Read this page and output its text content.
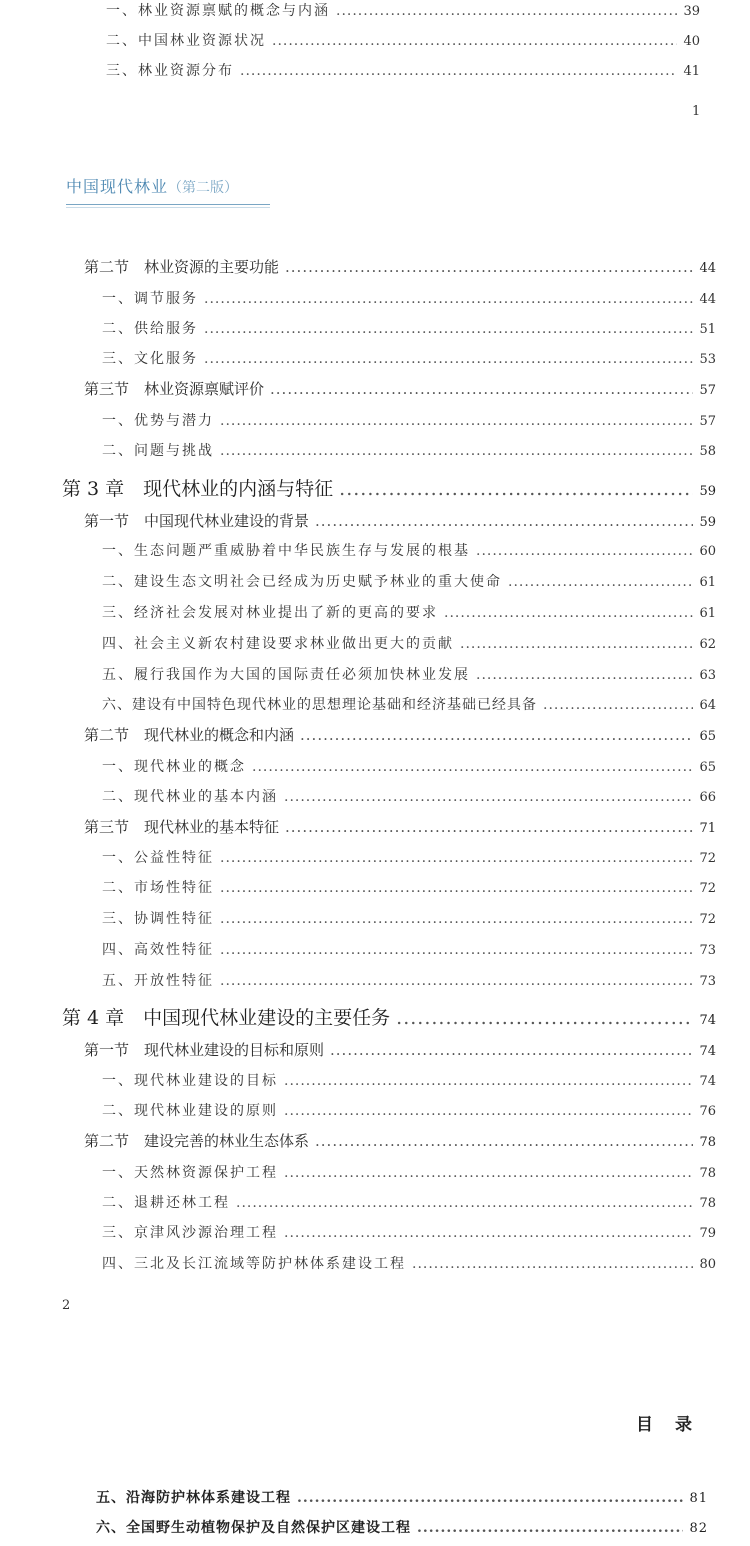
一、林业资源禀赋的概念与内涵 .....	39
二、中国林业资源状况 .....	40
三、林业资源分布 .....	41
1
中国现代林业（第二版）
第二节　林业资源的主要功能 .....	44
一、调节服务 .....	44
二、供给服务 .....	51
三、文化服务 .....	53
第三节　林业资源禀赋评价 .....	57
一、优势与潜力 .....	57
二、问题与挑战 .....	58
第 3 章　现代林业的内涵与特征 .....	59
第一节　中国现代林业建设的背景 .....	59
一、生态问题严重威胁着中华民族生存与发展的根基 .....	60
二、建设生态文明社会已经成为历史赋予林业的重大使命 .....	61
三、经济社会发展对林业提出了新的更高的要求 .....	61
四、社会主义新农村建设要求林业做出更大的贡献 .....	62
五、履行我国作为大国的国际责任必须加快林业发展 .....	63
六、建设有中国特色现代林业的思想理论基础和经济基础已经具备 .....	64
第二节　现代林业的概念和内涵 .....	65
一、现代林业的概念 .....	65
二、现代林业的基本内涵 .....	66
第三节　现代林业的基本特征 .....	71
一、公益性特征 .....	72
二、市场性特征 .....	72
三、协调性特征 .....	72
四、高效性特征 .....	73
五、开放性特征 .....	73
第 4 章　中国现代林业建设的主要任务 .....	74
第一节　现代林业建设的目标和原则 .....	74
一、现代林业建设的目标 .....	74
二、现代林业建设的原则 .....	76
第二节　建设完善的林业生态体系 .....	78
一、天然林资源保护工程 .....	78
二、退耕还林工程 .....	78
三、京津风沙源治理工程 .....	79
四、三北及长江流域等防护林体系建设工程 .....	80
2
目录
五、沿海防护林体系建设工程 .....	81
六、全国野生动植物保护及自然保护区建设工程 .....	82
